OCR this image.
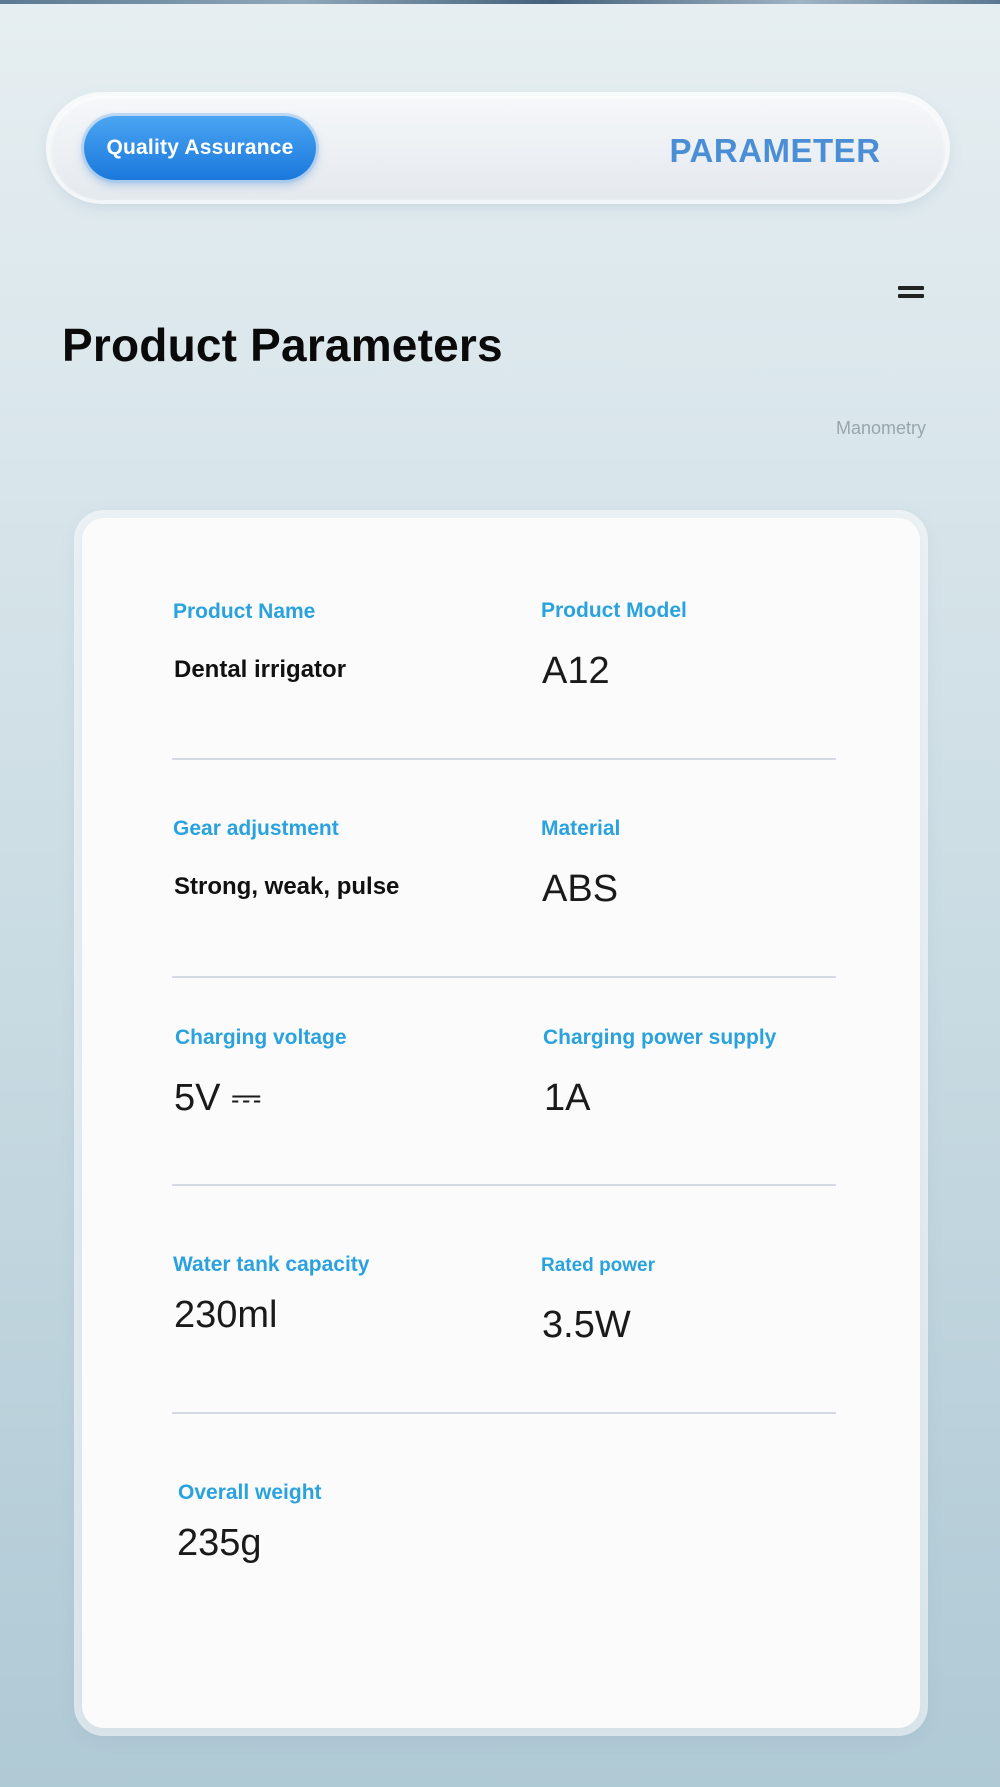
Quality Assurance	PARAMETER
Product Parameters
Manometry
Product Name
Dental irrigator
Product Model
A12
Gear adjustment
Strong, weak, pulse
Material
ABS
Charging voltage
5V ⎓
Charging power supply
1A
Water tank capacity
230ml
Rated power
3.5W
Overall weight
235g
